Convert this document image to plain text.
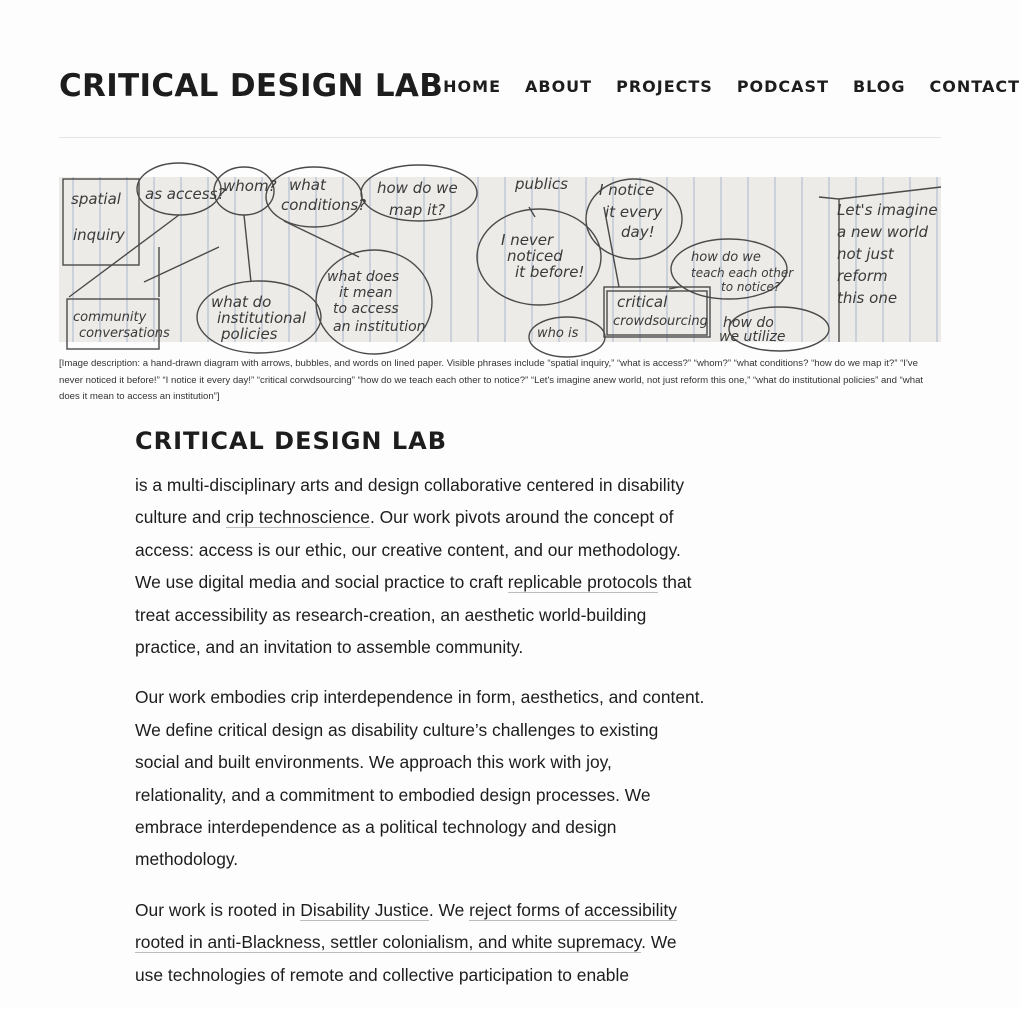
CRITICAL DESIGN LAB HOME ABOUT PROJECTS PODCAST BLOG CONTACT
spatial
inquiry
as access?
whom? what
conditions?
how do we
map it?
publics I notice
it every
day!
I never
noticed
it before!
critical
crowdsourcing
how do we
teach each other
to notice?
Let's imagine
a new world
not just
reform
this one
community
conversations
what do
institutional
policies
what does
it mean
to access
an institution	who is
how do
we utilize
[Image description: a hand-drawn diagram with arrows, bubbles, and words on lined paper. Visible phrases include “spatial inquiry,” “what is access?” “whom?” “what conditions? “how do we map it?” “I've never noticed it before!” “I notice it every day!” “critical corwdsourcing” “how do we teach each other to notice?” “Let's imagine anew world, not just reform this one,” “what do institutional policies” and “what does it mean to access an institution”]
CRITICAL DESIGN LAB

is a multi-disciplinary arts and design collaborative centered in disability culture and crip technoscience. Our work pivots around the concept of access: access is our ethic, our creative content, and our methodology. We use digital media and social practice to craft replicable protocols that treat accessibility as research-creation, an aesthetic world-building practice, and an invitation to assemble community.

Our work embodies crip interdependence in form, aesthetics, and content. We define critical design as disability culture’s challenges to existing social and built environments. We approach this work with joy, relationality, and a commitment to embodied design processes. We embrace interdependence as a political technology and design methodology.

Our work is rooted in Disability Justice. We reject forms of accessibility rooted in anti-Blackness, settler colonialism, and white supremacy. We use technologies of remote and collective participation to enable
